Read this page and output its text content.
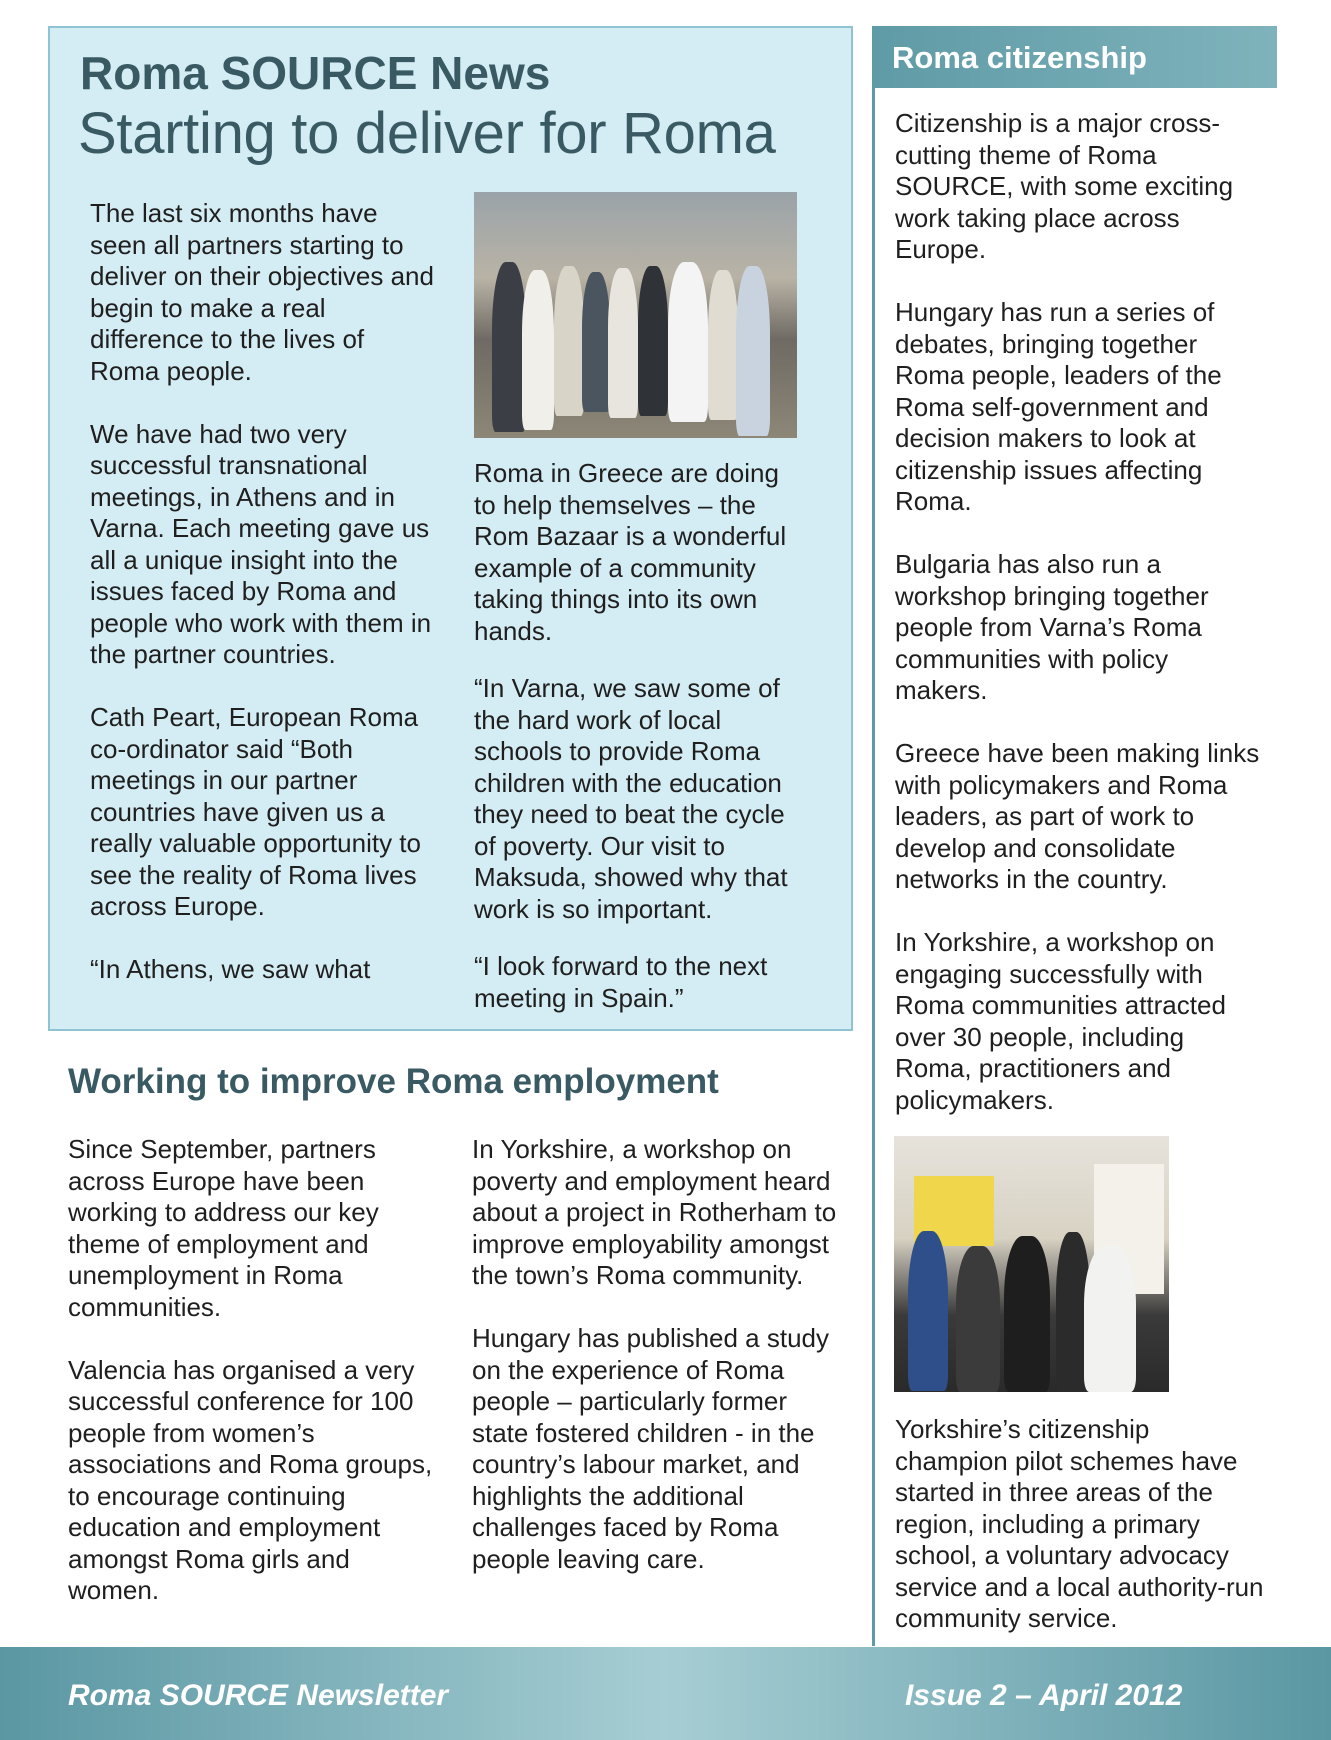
Roma SOURCE News
Starting to deliver for Roma

The last six months have seen all partners starting to deliver on their objectives and begin to make a real difference to the lives of Roma people.

We have had two very successful transnational meetings, in Athens and in Varna. Each meeting gave us all a unique insight into the issues faced by Roma and people who work with them in the partner countries.

Cath Peart, European Roma co-ordinator said “Both meetings in our partner countries have given us a really valuable opportunity to see the reality of Roma lives across Europe.

“In Athens, we saw what

Roma in Greece are doing to help themselves – the Rom Bazaar is a wonderful example of a community taking things into its own hands.

“In Varna, we saw some of the hard work of local schools to provide Roma children with the education they need to beat the cycle of poverty. Our visit to Maksuda, showed why that work is so important.

“I look forward to the next meeting in Spain.”

Working to improve Roma employment

Since September, partners across Europe have been working to address our key theme of employment and unemployment in Roma communities.

Valencia has organised a very successful conference for 100 people from women’s associations and Roma groups, to encourage continuing education and employment amongst Roma girls and women.

In Yorkshire, a workshop on poverty and employment heard about a project in Rotherham to improve employability amongst the town’s Roma community.

Hungary has published a study on the experience of Roma people – particularly former state fostered children - in the country’s labour market, and highlights the additional challenges faced by Roma people leaving care.

Roma citizenship

Citizenship is a major cross-cutting theme of Roma SOURCE, with some exciting work taking place across Europe.

Hungary has run a series of debates, bringing together Roma people, leaders of the Roma self-government and decision makers to look at citizenship issues affecting Roma.

Bulgaria has also run a workshop bringing together people from Varna’s Roma communities with policy makers.

Greece have been making links with policymakers and Roma leaders, as part of work to develop and consolidate networks in the country.

In Yorkshire, a workshop on engaging successfully with Roma communities attracted over 30 people, including Roma, practitioners and policymakers.

Yorkshire’s citizenship champion pilot schemes have started in three areas of the region, including a primary school, a voluntary advocacy service and a local authority-run community service.
Roma SOURCE Newsletter	Issue 2 – April 2012
